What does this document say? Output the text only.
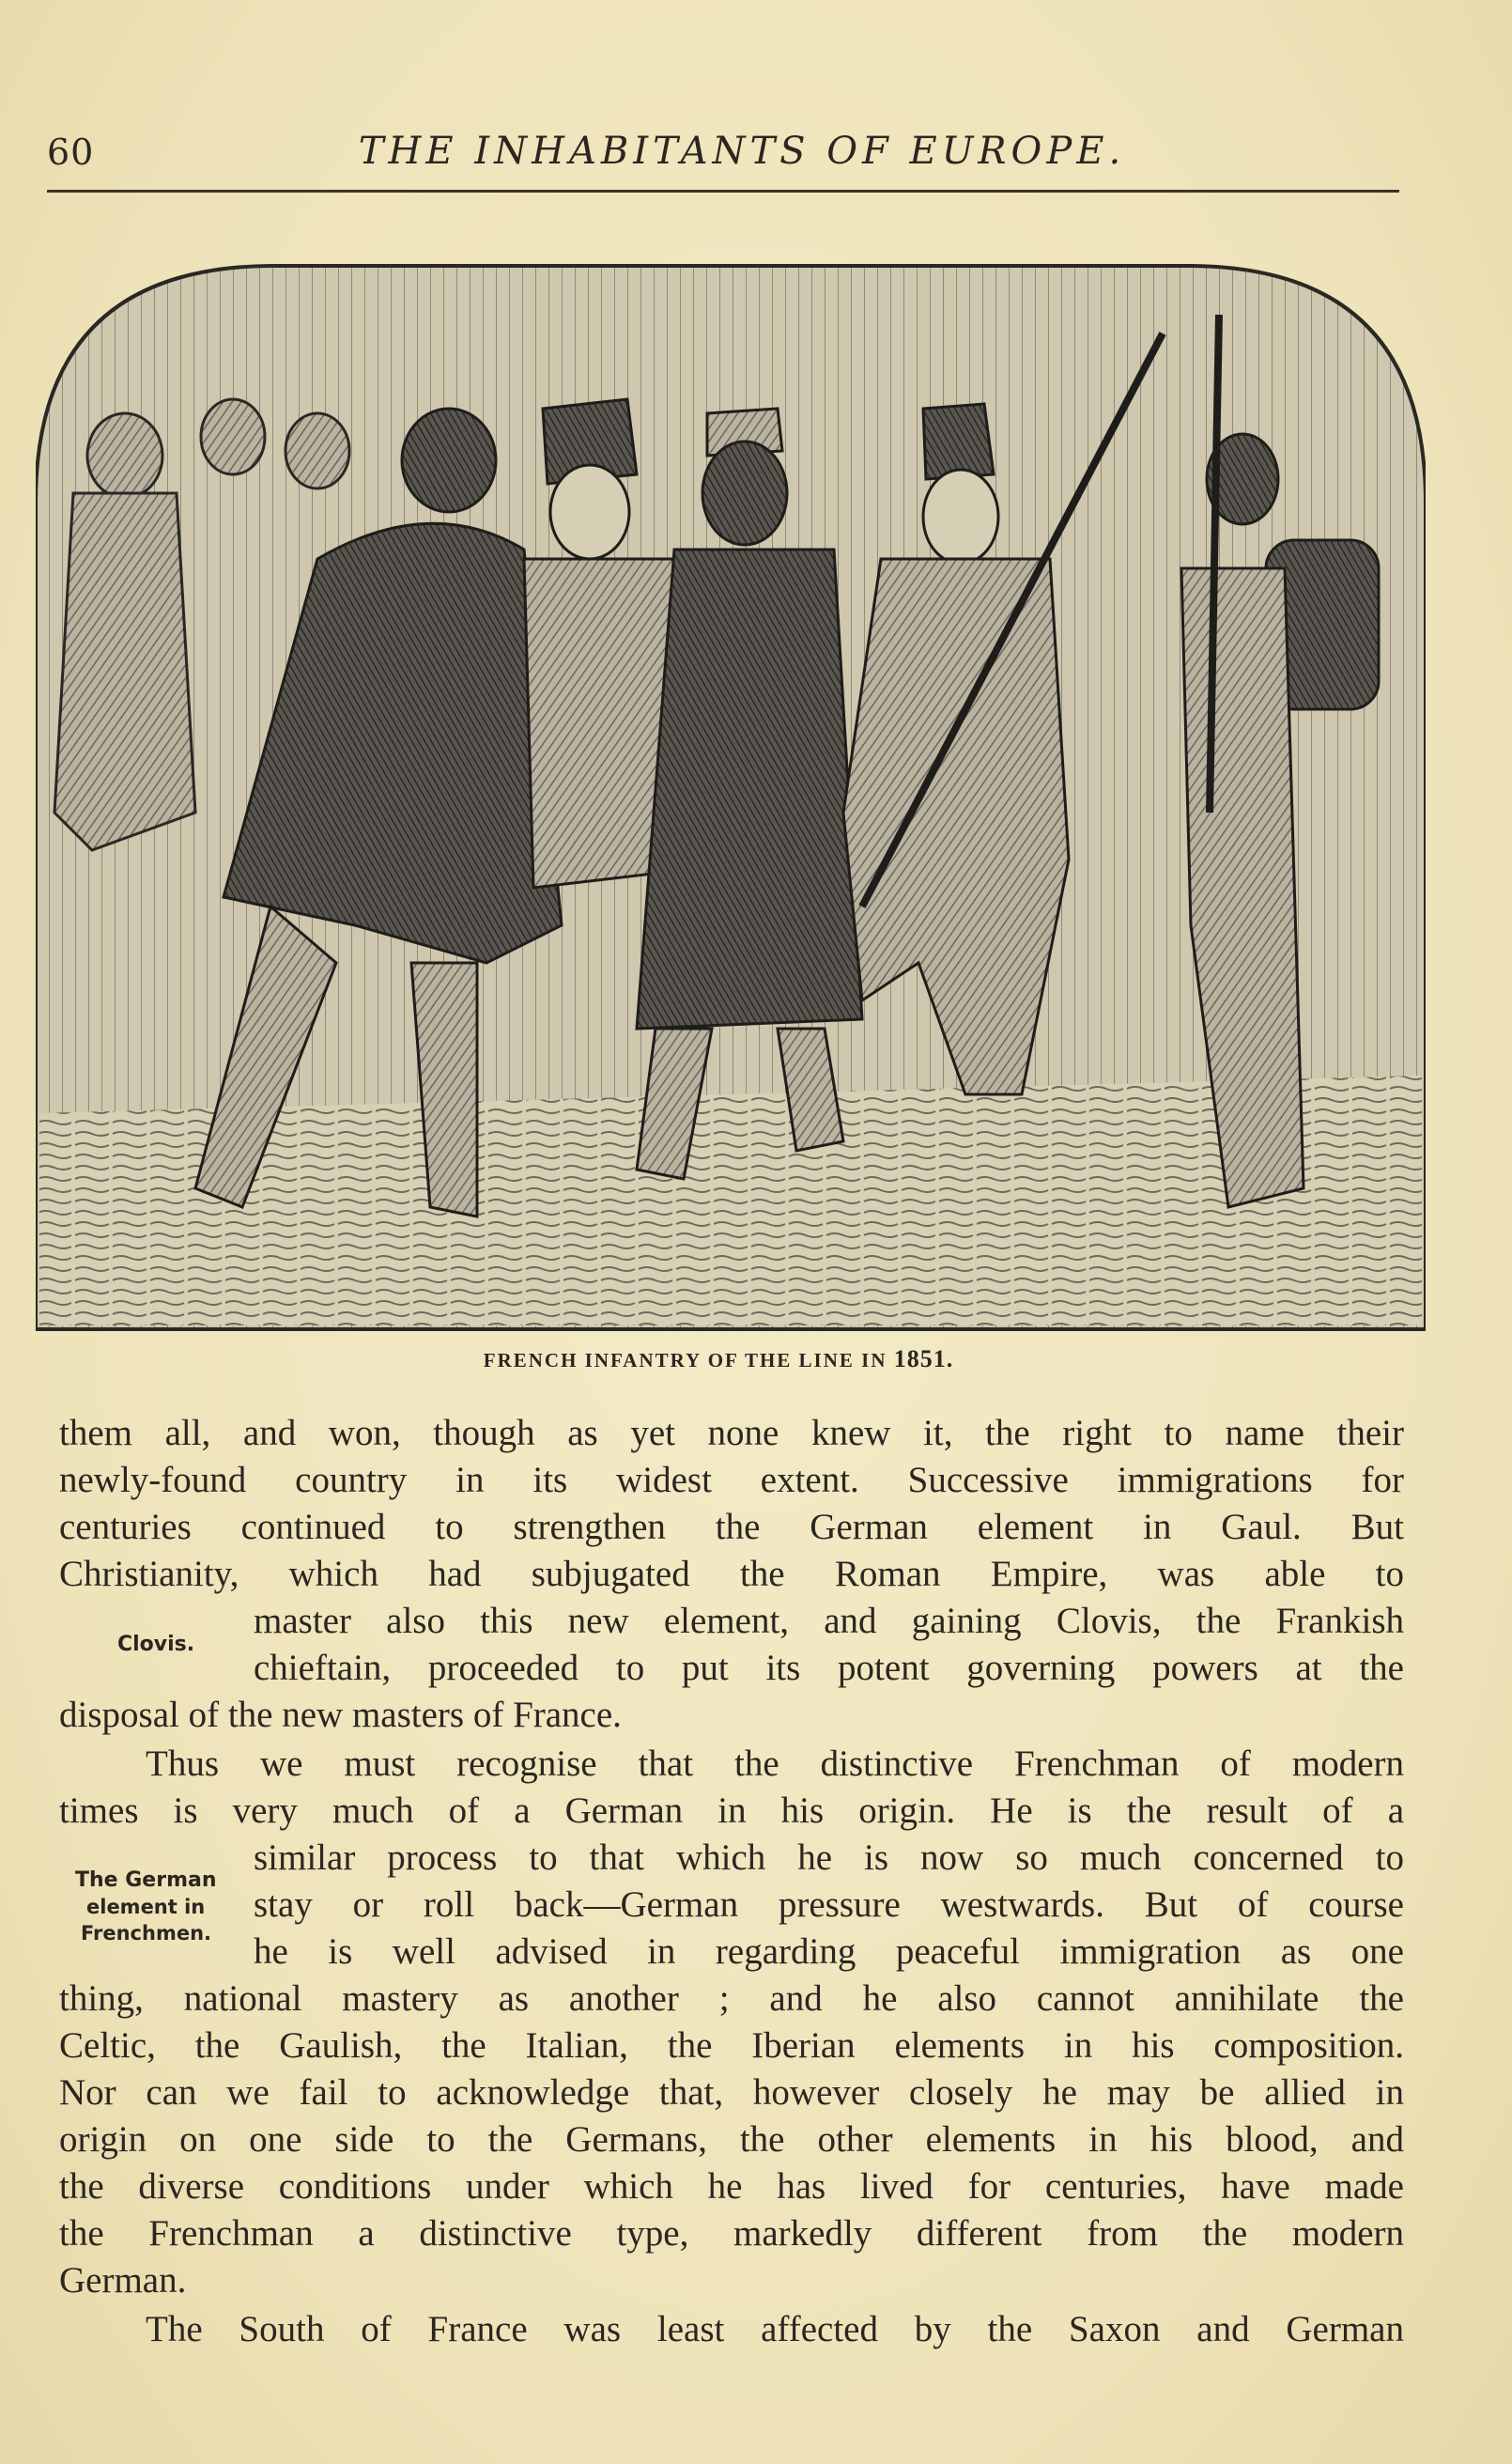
60	THE INHABITANTS OF EUROPE.
FRENCH INFANTRY OF THE LINE IN 1851.
them all, and won, though as yet none knew it, the right to name their
newly-found country in its widest extent. Successive immigrations for
centuries continued to strengthen the German element in Gaul. But
Christianity, which had subjugated the Roman Empire, was able to
master also this new element, and gaining Clovis, the Frankish
Clovis.
chieftain, proceeded to put its potent governing powers at the
disposal of the new masters of France.
Thus we must recognise that the distinctive Frenchman of modern
times is very much of a German in his origin. He is the result of a
similar process to that which he is now so much concerned to
The German
element in
Frenchmen.
stay or roll back—German pressure westwards. But of course
he is well advised in regarding peaceful immigration as one
thing, national mastery as another ; and he also cannot annihilate the
Celtic, the Gaulish, the Italian, the Iberian elements in his composition.
Nor can we fail to acknowledge that, however closely he may be allied in
origin on one side to the Germans, the other elements in his blood, and
the diverse conditions under which he has lived for centuries, have made
the Frenchman a distinctive type, markedly different from the modern
German.
The South of France was least affected by the Saxon and German
